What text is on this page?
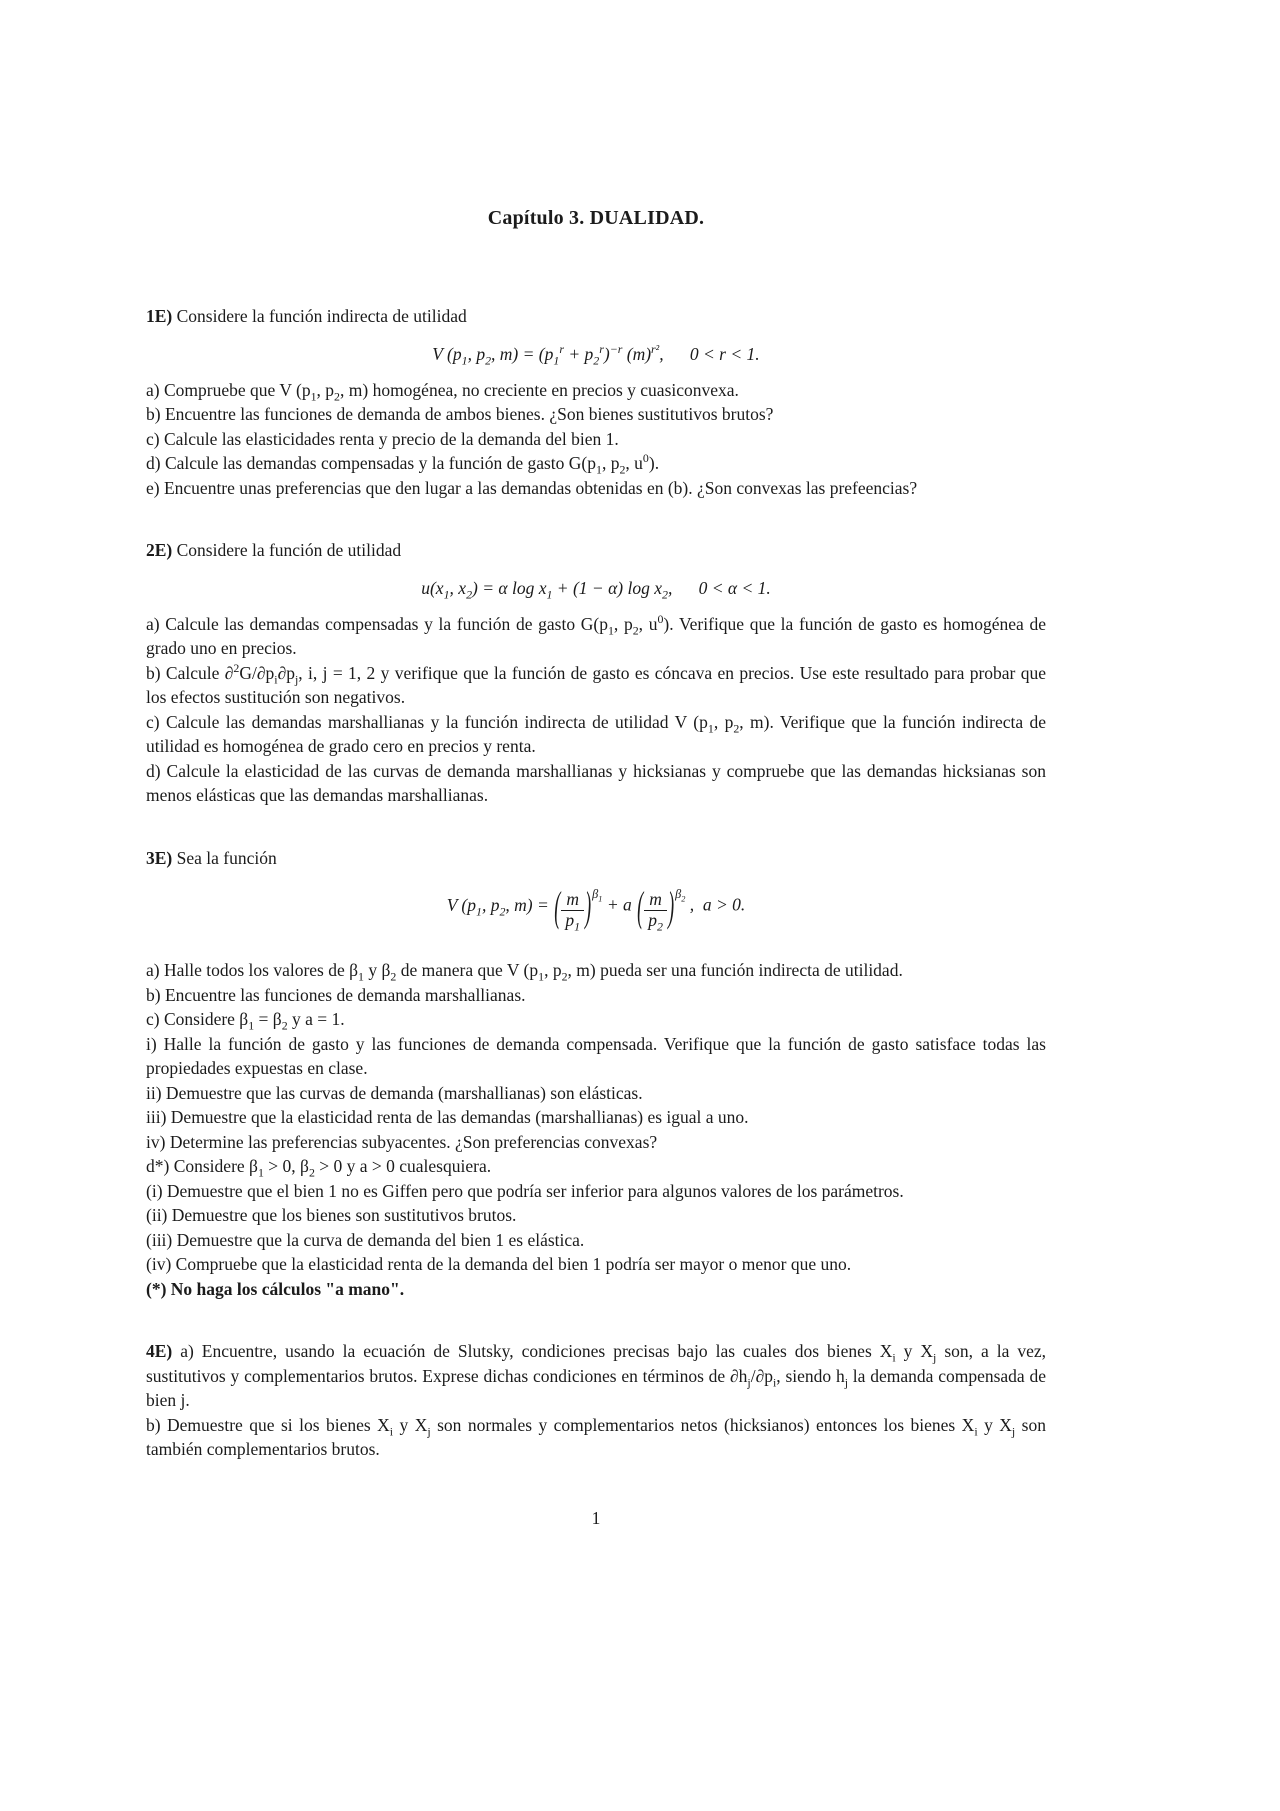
Capítulo 3. DUALIDAD.

1E) Considere la función indirecta de utilidad

V ($p_1$, $p_2$, $m) = (p_1^r + p_2^r)^{-r}$ $(m)^{r^2}$,      0 < r < 1.

a) Compruebe que V ($p_1$, $p_2$, m) homogénea, no creciente en precios y cuasiconvexa.

b) Encuentre las funciones de demanda de ambos bienes. ¿Son bienes sustitutivos brutos?

c) Calcule las elasticidades renta y precio de la demanda del bien 1.

d) Calcule las demandas compensadas y la función de gasto $G(p_1$, $p_2$, $u^0$).

e) Encuentre unas preferencias que den lugar a las demandas obtenidas en (b). ¿Son convexas las prefeencias?

2E) Considere la función de utilidad

$u(x_1$, $x_2) = \alpha$ $\log x_1 + (1 - \alpha)$ $\log x_2$,      0 < α < 1.

a) Calcule las demandas compensadas y la función de gasto $G(p_1$, $p_2$, $u^0$). Verifique que la función de gasto es homogénea de grado uno en precios.

b) Calcule $\partial^2G/\partial p_i\partial p_j$, i, j = 1, 2 y verifique que la función de gasto es cóncava en precios. Use este resultado para probar que los efectos sustitución son negativos.

c) Calcule las demandas marshallianas y la función indirecta de utilidad V ($p_1$, $p_2$, m). Verifique que la función indirecta de utilidad es homogénea de grado cero en precios y renta.

d) Calcule la elasticidad de las curvas de demanda marshallianas y hicksianas y compruebe que las demandas hicksianas son menos elásticas que las demandas marshallianas.

3E) Sea la función

V ($p_1$, $p_2$, m) = ( $\frac{m}{p_1} )^{\beta_1} + a$ ( $\frac{m}{p_2} )^{\beta_2}$ ,  a > 0.

a) Halle todos los valores de $\beta_1$ y $\beta_2$ de manera que V ($p_1$, $p_2$, m) pueda ser una función indirecta de utilidad.

b) Encuentre las funciones de demanda marshallianas.

c) Considere $\beta_1 = \beta_2$ y a = 1.

i) Halle la función de gasto y las funciones de demanda compensada. Verifique que la función de gasto satisface todas las propiedades expuestas en clase.

ii) Demuestre que las curvas de demanda (marshallianas) son elásticas.

iii) Demuestre que la elasticidad renta de las demandas (marshallianas) es igual a uno.

iv) Determine las preferencias subyacentes. ¿Son preferencias convexas?

d*) Considere $\beta_1 > 0$, $\beta_2 > 0$ y a > 0 cualesquiera.

(i) Demuestre que el bien 1 no es Giffen pero que podría ser inferior para algunos valores de los parámetros.

(ii) Demuestre que los bienes son sustitutivos brutos.

(iii) Demuestre que la curva de demanda del bien 1 es elástica.

(iv) Compruebe que la elasticidad renta de la demanda del bien 1 podría ser mayor o menor que uno.

(*) No haga los cálculos "a mano".

4E) a) Encuentre, usando la ecuación de Slutsky, condiciones precisas bajo las cuales dos bienes $X_i$ y $X_j$ son, a la vez, sustitutivos y complementarios brutos. Exprese dichas condiciones en términos de $\partial h_j/\partial p_i$, siendo $h_j$ la demanda compensada de bien j.

b) Demuestre que si los bienes $X_i$ y $X_j$ son normales y complementarios netos (hicksianos) entonces los bienes $X_i$ y $X_j$ son también complementarios brutos.

1
